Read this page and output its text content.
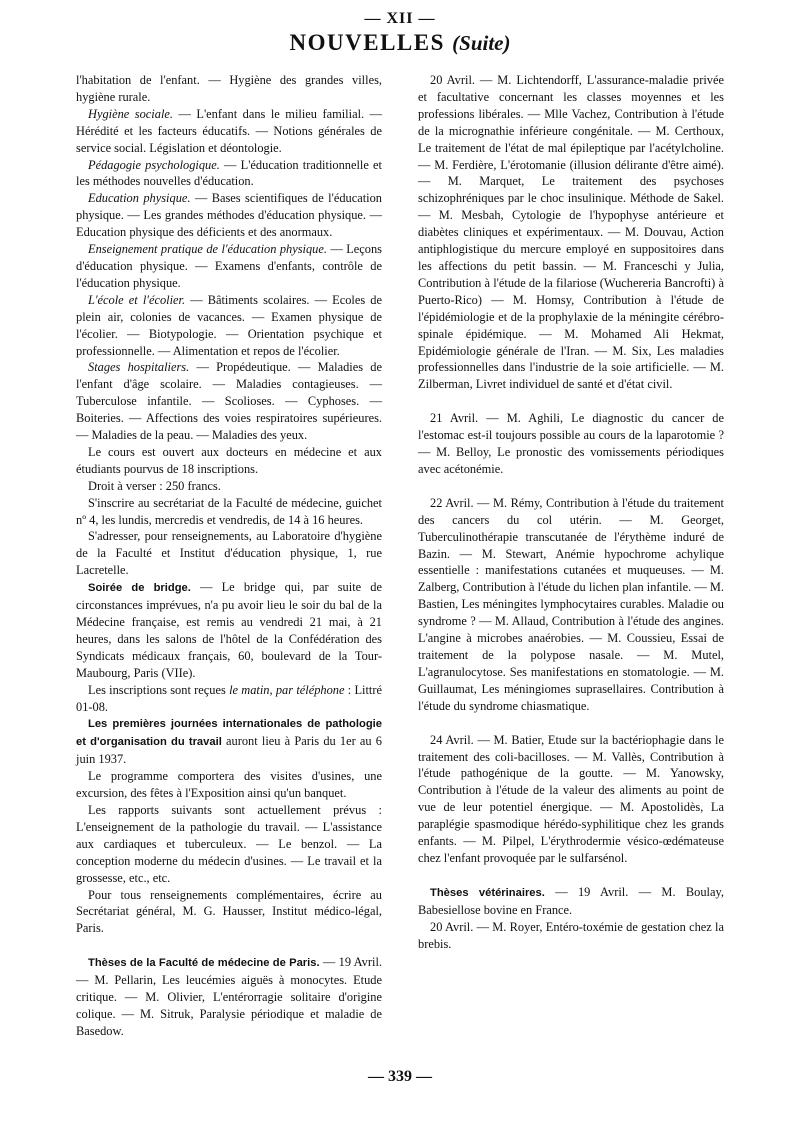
— XII —
NOUVELLES (Suite)

l'habitation de l'enfant. — Hygiène des grandes villes, hygiène rurale.

Hygiène sociale. — L'enfant dans le milieu familial. — Hérédité et les facteurs éducatifs. — Notions générales de service social. Législation et déontologie.

Pédagogie psychologique. — L'éducation traditionnelle et les méthodes nouvelles d'éducation.

Education physique. — Bases scientifiques de l'éducation physique. — Les grandes méthodes d'éducation physique. — Education physique des déficients et des anormaux.

Enseignement pratique de l'éducation physique. — Leçons d'éducation physique. — Examens d'enfants, contrôle de l'éducation physique.

L'école et l'écolier. — Bâtiments scolaires. — Ecoles de plein air, colonies de vacances. — Examen physique de l'écolier. — Biotypologie. — Orientation psychique et professionnelle. — Alimentation et repos de l'écolier.

Stages hospitaliers. — Propédeutique. — Maladies de l'enfant d'âge scolaire. — Maladies contagieuses. — Tuberculose infantile. — Scolioses. — Cyphoses. — Boiteries. — Affections des voies respiratoires supérieures. — Maladies de la peau. — Maladies des yeux.

Le cours est ouvert aux docteurs en médecine et aux étudiants pourvus de 18 inscriptions.

Droit à verser : 250 francs.

S'inscrire au secrétariat de la Faculté de médecine, guichet nº 4, les lundis, mercredis et vendredis, de 14 à 16 heures.

S'adresser, pour renseignements, au Laboratoire d'hygiène de la Faculté et Institut d'éducation physique, 1, rue Lacretelle.

Soirée de bridge. — Le bridge qui, par suite de circonstances imprévues, n'a pu avoir lieu le soir du bal de la Médecine française, est remis au vendredi 21 mai, à 21 heures, dans les salons de l'hôtel de la Confédération des Syndicats médicaux français, 60, boulevard de la Tour-Maubourg, Paris (VIIe).

Les inscriptions sont reçues le matin, par téléphone : Littré 01-08.

Les premières journées internationales de pathologie et d'organisation du travail auront lieu à Paris du 1er au 6 juin 1937.

Le programme comportera des visites d'usines, une excursion, des fêtes à l'Exposition ainsi qu'un banquet.

Les rapports suivants sont actuellement prévus : L'enseignement de la pathologie du travail. — L'assistance aux cardiaques et tuberculeux. — Le benzol. — La conception moderne du médecin d'usines. — Le travail et la grossesse, etc., etc.

Pour tous renseignements complémentaires, écrire au Secrétariat général, M. G. Hausser, Institut médico-légal, Paris.

Thèses de la Faculté de médecine de Paris. — 19 Avril. — M. Pellarin, Les leucémies aiguës à monocytes. Etude critique. — M. Olivier, L'entérorragie solitaire d'origine colique. — M. Sitruk, Paralysie périodique et maladie de Basedow.

20 Avril. — M. Lichtendorff, L'assurance-maladie privée et facultative concernant les classes moyennes et les professions libérales. — Mlle Vachez, Contribution à l'étude de la micrognathie inférieure congénitale. — M. Certhoux, Le traitement de l'état de mal épileptique par l'acétylcholine. — M. Ferdière, L'érotomanie (illusion délirante d'être aimé). — M. Marquet, Le traitement des psychoses schizophréniques par le choc insulinique. Méthode de Sakel. — M. Mesbah, Cytologie de l'hypophyse antérieure et diabètes cliniques et expérimentaux. — M. Douvau, Action antiphlogistique du mercure employé en suppositoires dans les affections du petit bassin. — M. Franceschi y Julia, Contribution à l'étude de la filariose (Wuchereria Bancrofti) à Puerto-Rico) — M. Homsy, Contribution à l'étude de l'épidémiologie et de la prophylaxie de la méningite cérébro-spinale épidémique. — M. Mohamed Ali Hekmat, Epidémiologie générale de l'Iran. — M. Six, Les maladies professionnelles dans l'industrie de la soie artificielle. — M. Zilberman, Livret individuel de santé et d'état civil.

21 Avril. — M. Aghili, Le diagnostic du cancer de l'estomac est-il toujours possible au cours de la laparotomie ? — M. Belloy, Le pronostic des vomissements périodiques avec acétonémie.

22 Avril. — M. Rémy, Contribution à l'étude du traitement des cancers du col utérin. — M. Georget, Tuberculinothérapie transcutanée de l'érythème induré de Bazin. — M. Stewart, Anémie hypochrome achylique essentielle : manifestations cutanées et muqueuses. — M. Zalberg, Contribution à l'étude du lichen plan infantile. — M. Bastien, Les méningites lymphocytaires curables. Maladie ou syndrome ? — M. Allaud, Contribution à l'étude des angines. L'angine à microbes anaérobies. — M. Coussieu, Essai de traitement de la polypose nasale. — M. Mutel, L'agranulocytose. Ses manifestations en stomatologie. — M. Guillaumat, Les méningiomes suprasellaires. Contribution à l'étude du syndrome chiasmatique.

24 Avril. — M. Batier, Etude sur la bactériophagie dans le traitement des coli-bacilloses. — M. Vallès, Contribution à l'étude pathogénique de la goutte. — M. Yanowsky, Contribution à l'étude de la valeur des aliments au point de vue de leur potentiel énergique. — M. Apostolidès, La paraplégie spasmodique hérédo-syphilitique chez les grands enfants. — M. Pilpel, L'érythrodermie vésico-œdémateuse chez l'enfant provoquée par le sulfarsénol.

Thèses vétérinaires. — 19 Avril. — M. Boulay, Babesiellose bovine en France.

20 Avril. — M. Royer, Entéro-toxémie de gestation chez la brebis.

— 339 —
